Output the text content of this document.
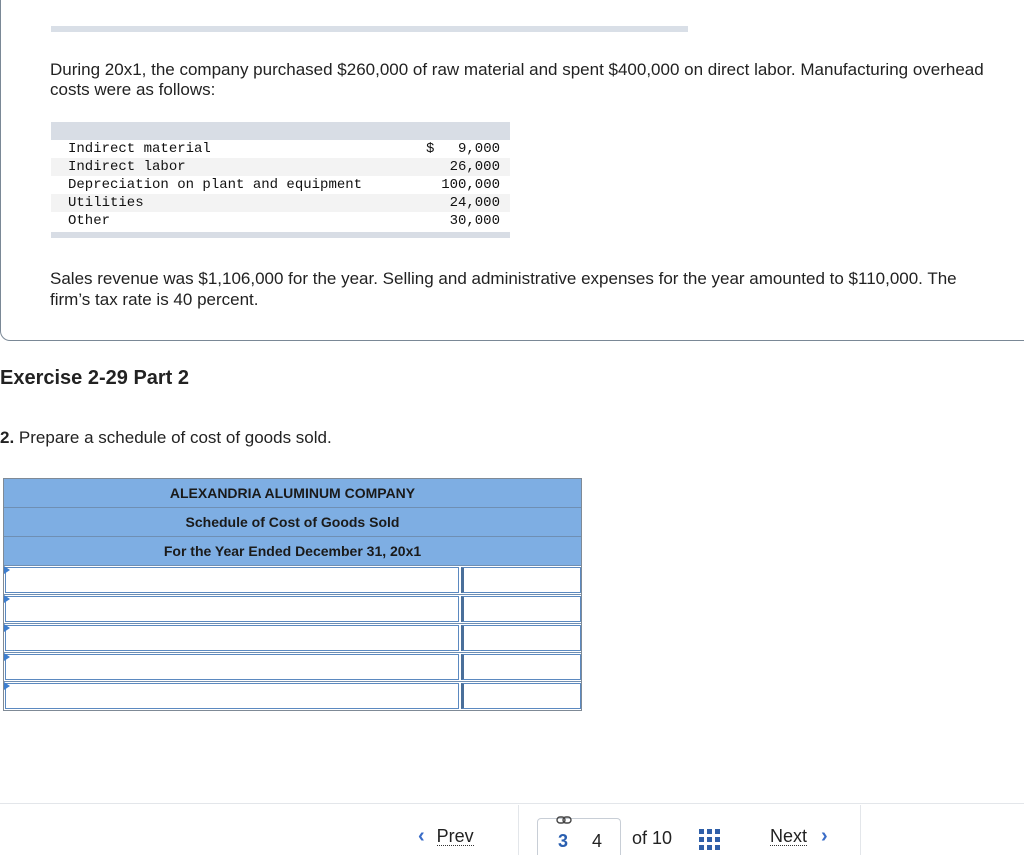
During 20x1, the company purchased $260,000 of raw material and spent $400,000 on direct labor. Manufacturing overhead costs were as follows:
Indirect material	$ 9,000
Indirect labor	26,000
Depreciation on plant and equipment	100,000
Utilities	24,000
Other	30,000
Sales revenue was $1,106,000 for the year. Selling and administrative expenses for the year amounted to $110,000. The
firm’s tax rate is 40 percent.
Exercise 2-29 Part 2
2. Prepare a schedule of cost of goods sold.
ALEXANDRIA ALUMINUM COMPANY
Schedule of Cost of Goods Sold
For the Year Ended December 31, 20x1
‹ Prev	3 4 of 10	Next ›
